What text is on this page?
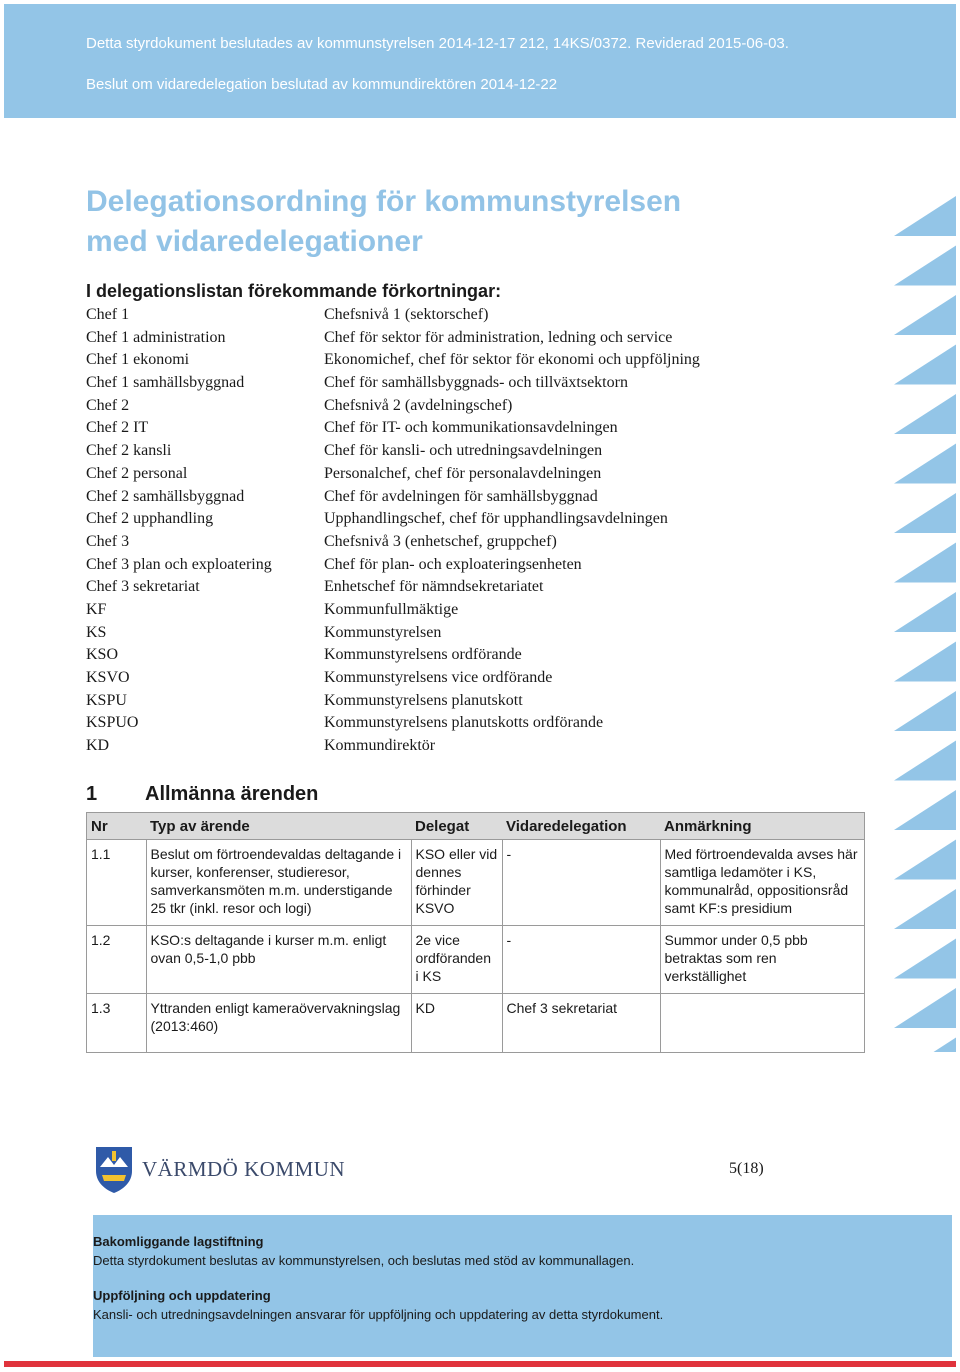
Detta styrdokument beslutades av kommunstyrelsen 2014-12-17 212, 14KS/0372. Reviderad 2015-06-03.
Beslut om vidaredelegation beslutad av kommundirektören 2014-12-22
Delegationsordning för kommunstyrelsen
med vidaredelegationer
I delegationslistan förekommande förkortningar:
Chef 1	Chefsnivå 1 (sektorschef)
Chef 1 administration	Chef för sektor för administration, ledning och service
Chef 1 ekonomi	Ekonomichef, chef för sektor för ekonomi och uppföljning
Chef 1 samhällsbyggnad	Chef för samhällsbyggnads- och tillväxtsektorn
Chef 2	Chefsnivå 2 (avdelningschef)
Chef 2 IT	Chef för IT- och kommunikationsavdelningen
Chef 2 kansli	Chef för kansli- och utredningsavdelningen
Chef 2 personal	Personalchef, chef för personalavdelningen
Chef 2 samhällsbyggnad	Chef för avdelningen för samhällsbyggnad
Chef 2 upphandling	Upphandlingschef, chef för upphandlingsavdelningen
Chef 3	Chefsnivå 3 (enhetschef, gruppchef)
Chef 3 plan och exploatering	Chef för plan- och exploateringsenheten
Chef 3 sekretariat	Enhetschef för nämndsekretariatet
KF	Kommunfullmäktige
KS	Kommunstyrelsen
KSO	Kommunstyrelsens ordförande
KSVO	Kommunstyrelsens vice ordförande
KSPU	Kommunstyrelsens planutskott
KSPUO	Kommunstyrelsens planutskotts ordförande
KD	Kommundirektör
1 Allmänna ärenden
Nr	Typ av ärende	Delegat	Vidaredelegation	Anmärkning
1.1	Beslut om förtroendevaldas deltagande i kurser, konferenser, studieresor, samverkansmöten m.m. understigande 25 tkr (inkl. resor och logi)	KSO eller vid dennes förhinder KSVO	-	Med förtroendevalda avses här samtliga ledamöter i KS, kommunalråd, oppositionsråd samt KF:s presidium
1.2	KSO:s deltagande i kurser m.m. enligt ovan 0,5-1,0 pbb	2e vice ordföranden i KS	-	Summor under 0,5 pbb betraktas som ren verkställighet
1.3	Yttranden enligt kameraövervakningslag (2013:460)	KD	Chef 3 sekretariat	
VÄRMDÖ KOMMUN	5(18)
Bakomliggande lagstiftning
Detta styrdokument beslutas av kommunstyrelsen, och beslutas med stöd av kommunallagen.
Uppföljning och uppdatering
Kansli- och utredningsavdelningen ansvarar för uppföljning och uppdatering av detta styrdokument.
